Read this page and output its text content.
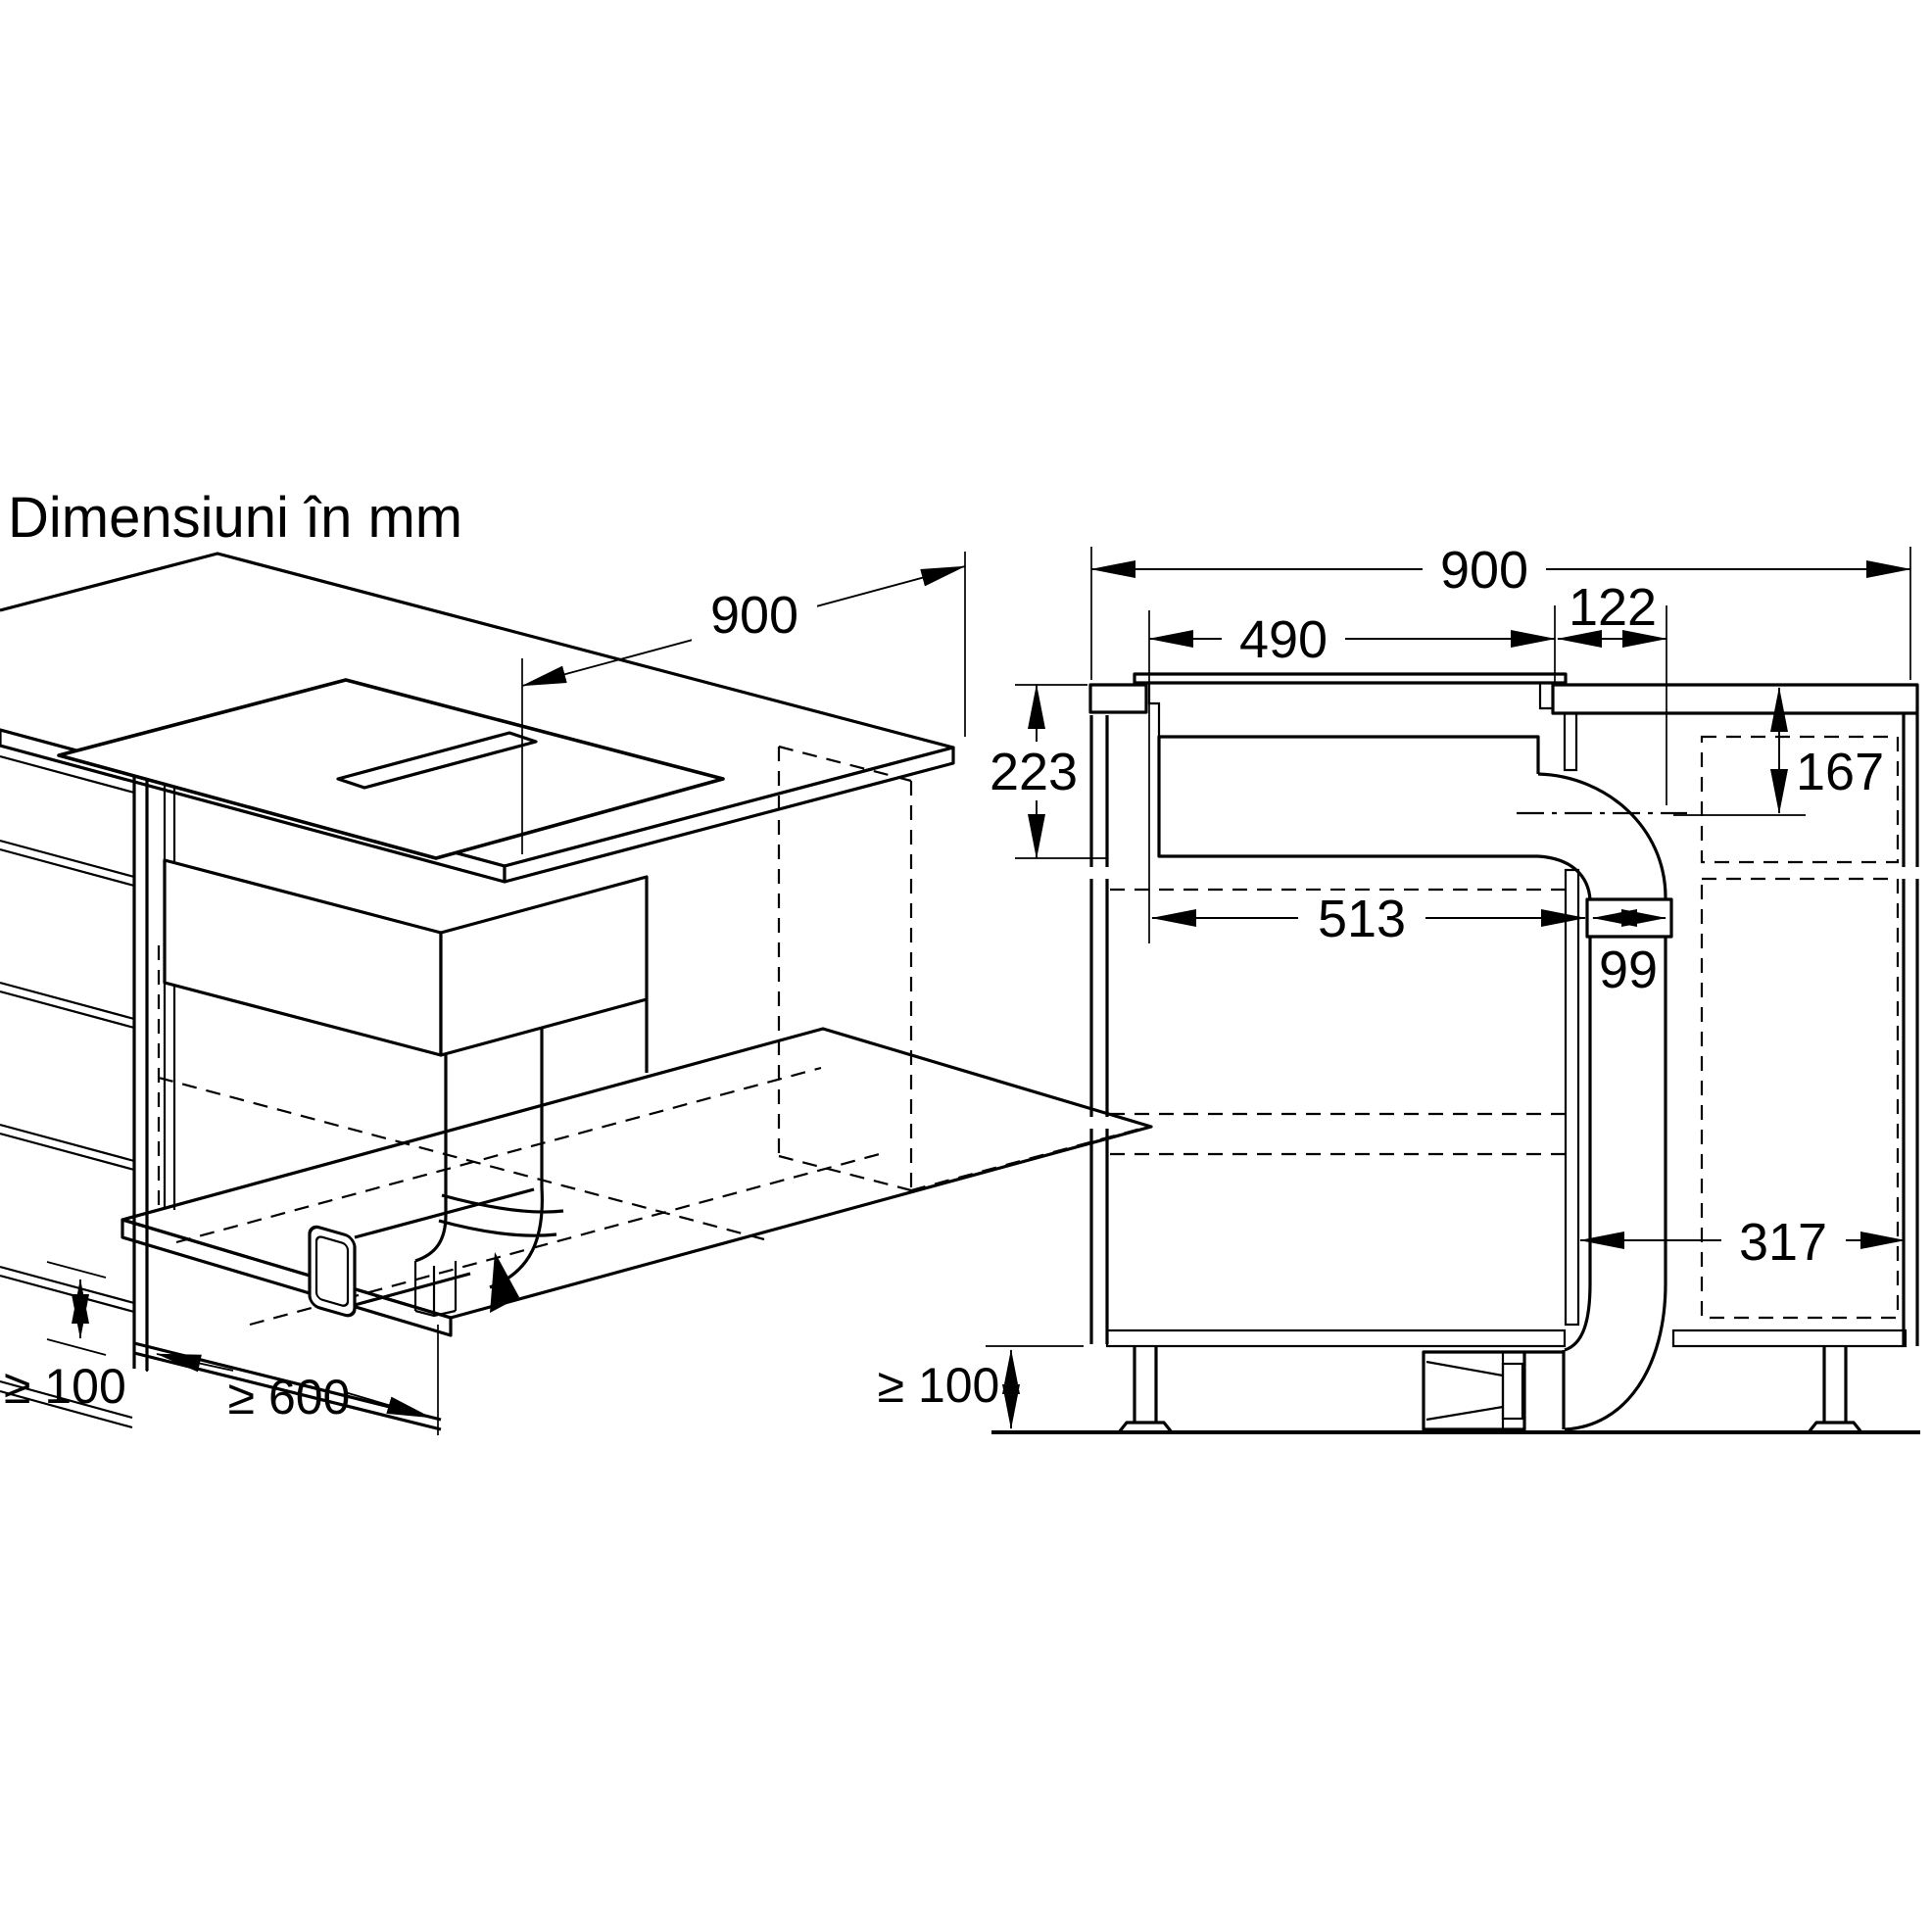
Dimensiuni în mm
900
≥ 100 ≥ 600
900
490
122
223	167
513
99
317
≥ 100
